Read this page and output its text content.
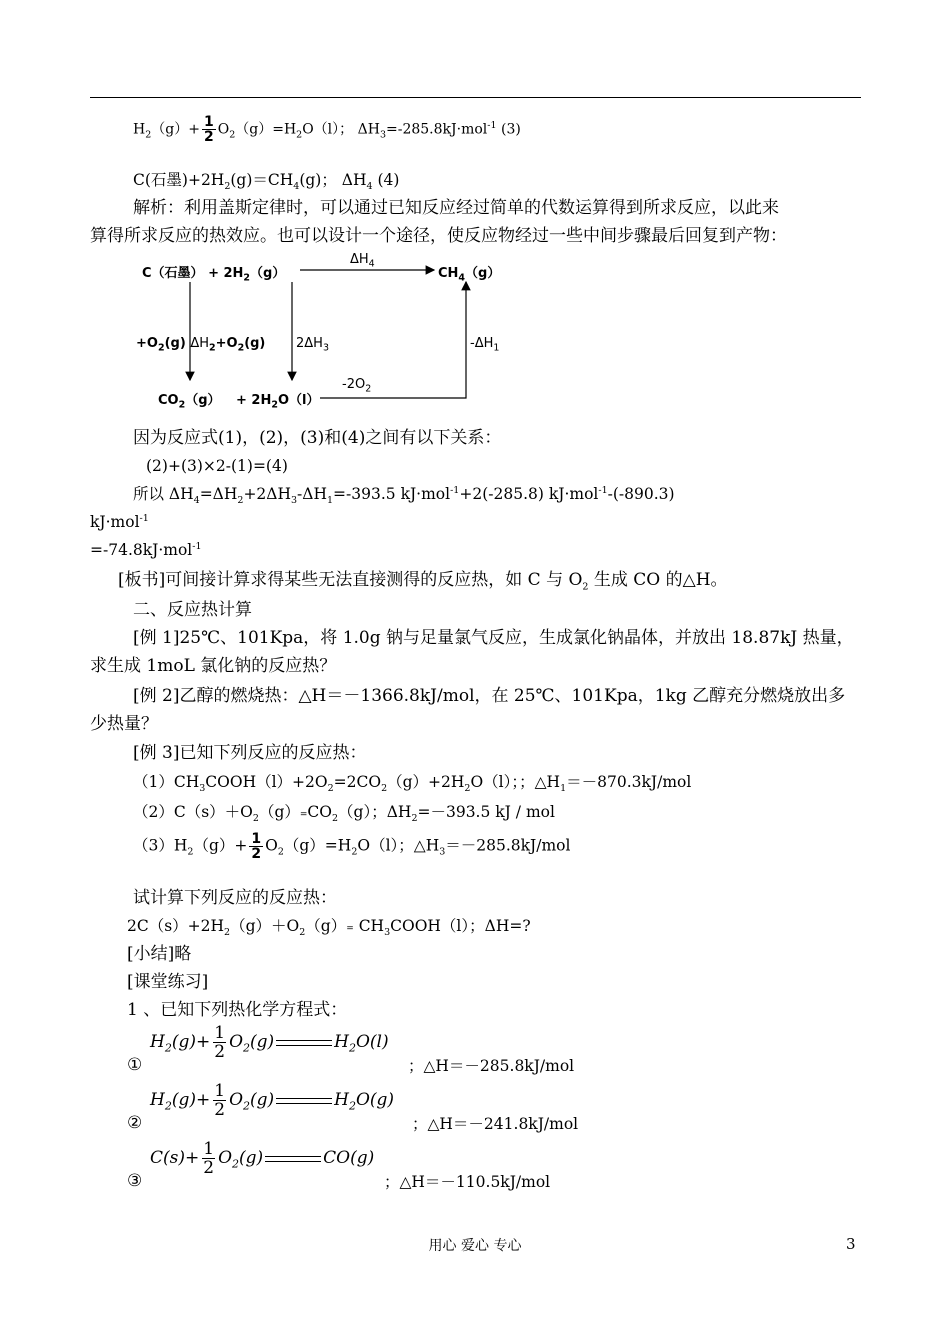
$H_2(g)+ \frac{1}{2} O_2(g)=H_2O(l)$； $\Delta H_3=-285.8kJ\cdot mol^{-1}$ (3)
C(石墨)$+2H_2(g)=CH_4(g)$； $\Delta H_4$ (4)
解析：利用盖斯定律时，可以通过已知反应经过简单的代数运算得到所求反应，以此来
算得所求反应的热效应。也可以设计一个途径，使反应物经过一些中间步骤最后回复到产物：
C（石墨） + $2H_2(g)$
$\Delta H_4$
$CH_4(g)$
$+O_2(g)$ $\Delta H_2+O_2(g)$ $2\Delta H_3$	$-\Delta H_1$
$CO_2(g) + 2H_2O(l)$
$-2O_2$
因为反应式(1)，(2)，(3)和(4)之间有以下关系：
(2)+(3)×2-(1)=(4)
所以 $\Delta H_4=\Delta H_2+2\Delta H_3-\Delta H_1=-393.5$ kJ·mol$^{-1}$+2(-285.8) kJ·mol$^{-1}$-(-890.3)
kJ·mol$^{-1}$
=-74.8kJ·mol$^{-1}$
[板书]可间接计算求得某些无法直接测得的反应热，如 C 与 $O_2$ 生成 CO 的△H。
二、反应热计算
[例 1]25℃、101Kpa，将 1.0g 钠与足量氯气反应，生成氯化钠晶体，并放出 18.87kJ 热量，
求生成 1moL 氯化钠的反应热？
[例 2]乙醇的燃烧热：△H＝－1366.8kJ/mol，在 25℃、101Kpa，1kg 乙醇充分燃烧放出多
少热量？
[例 3]已知下列反应的反应热：
$(1)CH_3COOH(l)+2O_2=2CO_2(g)+2H_2O(l)$；；$\triangle H_1=-870.3kJ$/mol
$(2)C(s)+O_2(g)=CO_2(g)$；$\Delta H_2=-393.5$ kJ / mol
$(3)H_2(g)+ \frac{1}{2} O_2(g)=H_2O(l)$；$\triangle H_3=-285.8kJ$/mol
试计算下列反应的反应热：
$2C(s)+2H_2(g)+O_2(g)=$ $CH_3COOH(l)$；ΔH=?
[小结]略
[课堂练习]
1 、已知下列热化学方程式：
①
$H_2(g)+ \frac{1}{2} O_2(g)$	$H_2O(l)$
；△H＝－285.8kJ/mol
②
$H_2(g)+ \frac{1}{2} O_2(g)$	$H_2O(g)$
；△H＝－241.8kJ/mol
③
$C(s)+ \frac{1}{2} O_2(g)$	CO(g)
；△H＝－110.5kJ/mol
用心 爱心 专心	3
